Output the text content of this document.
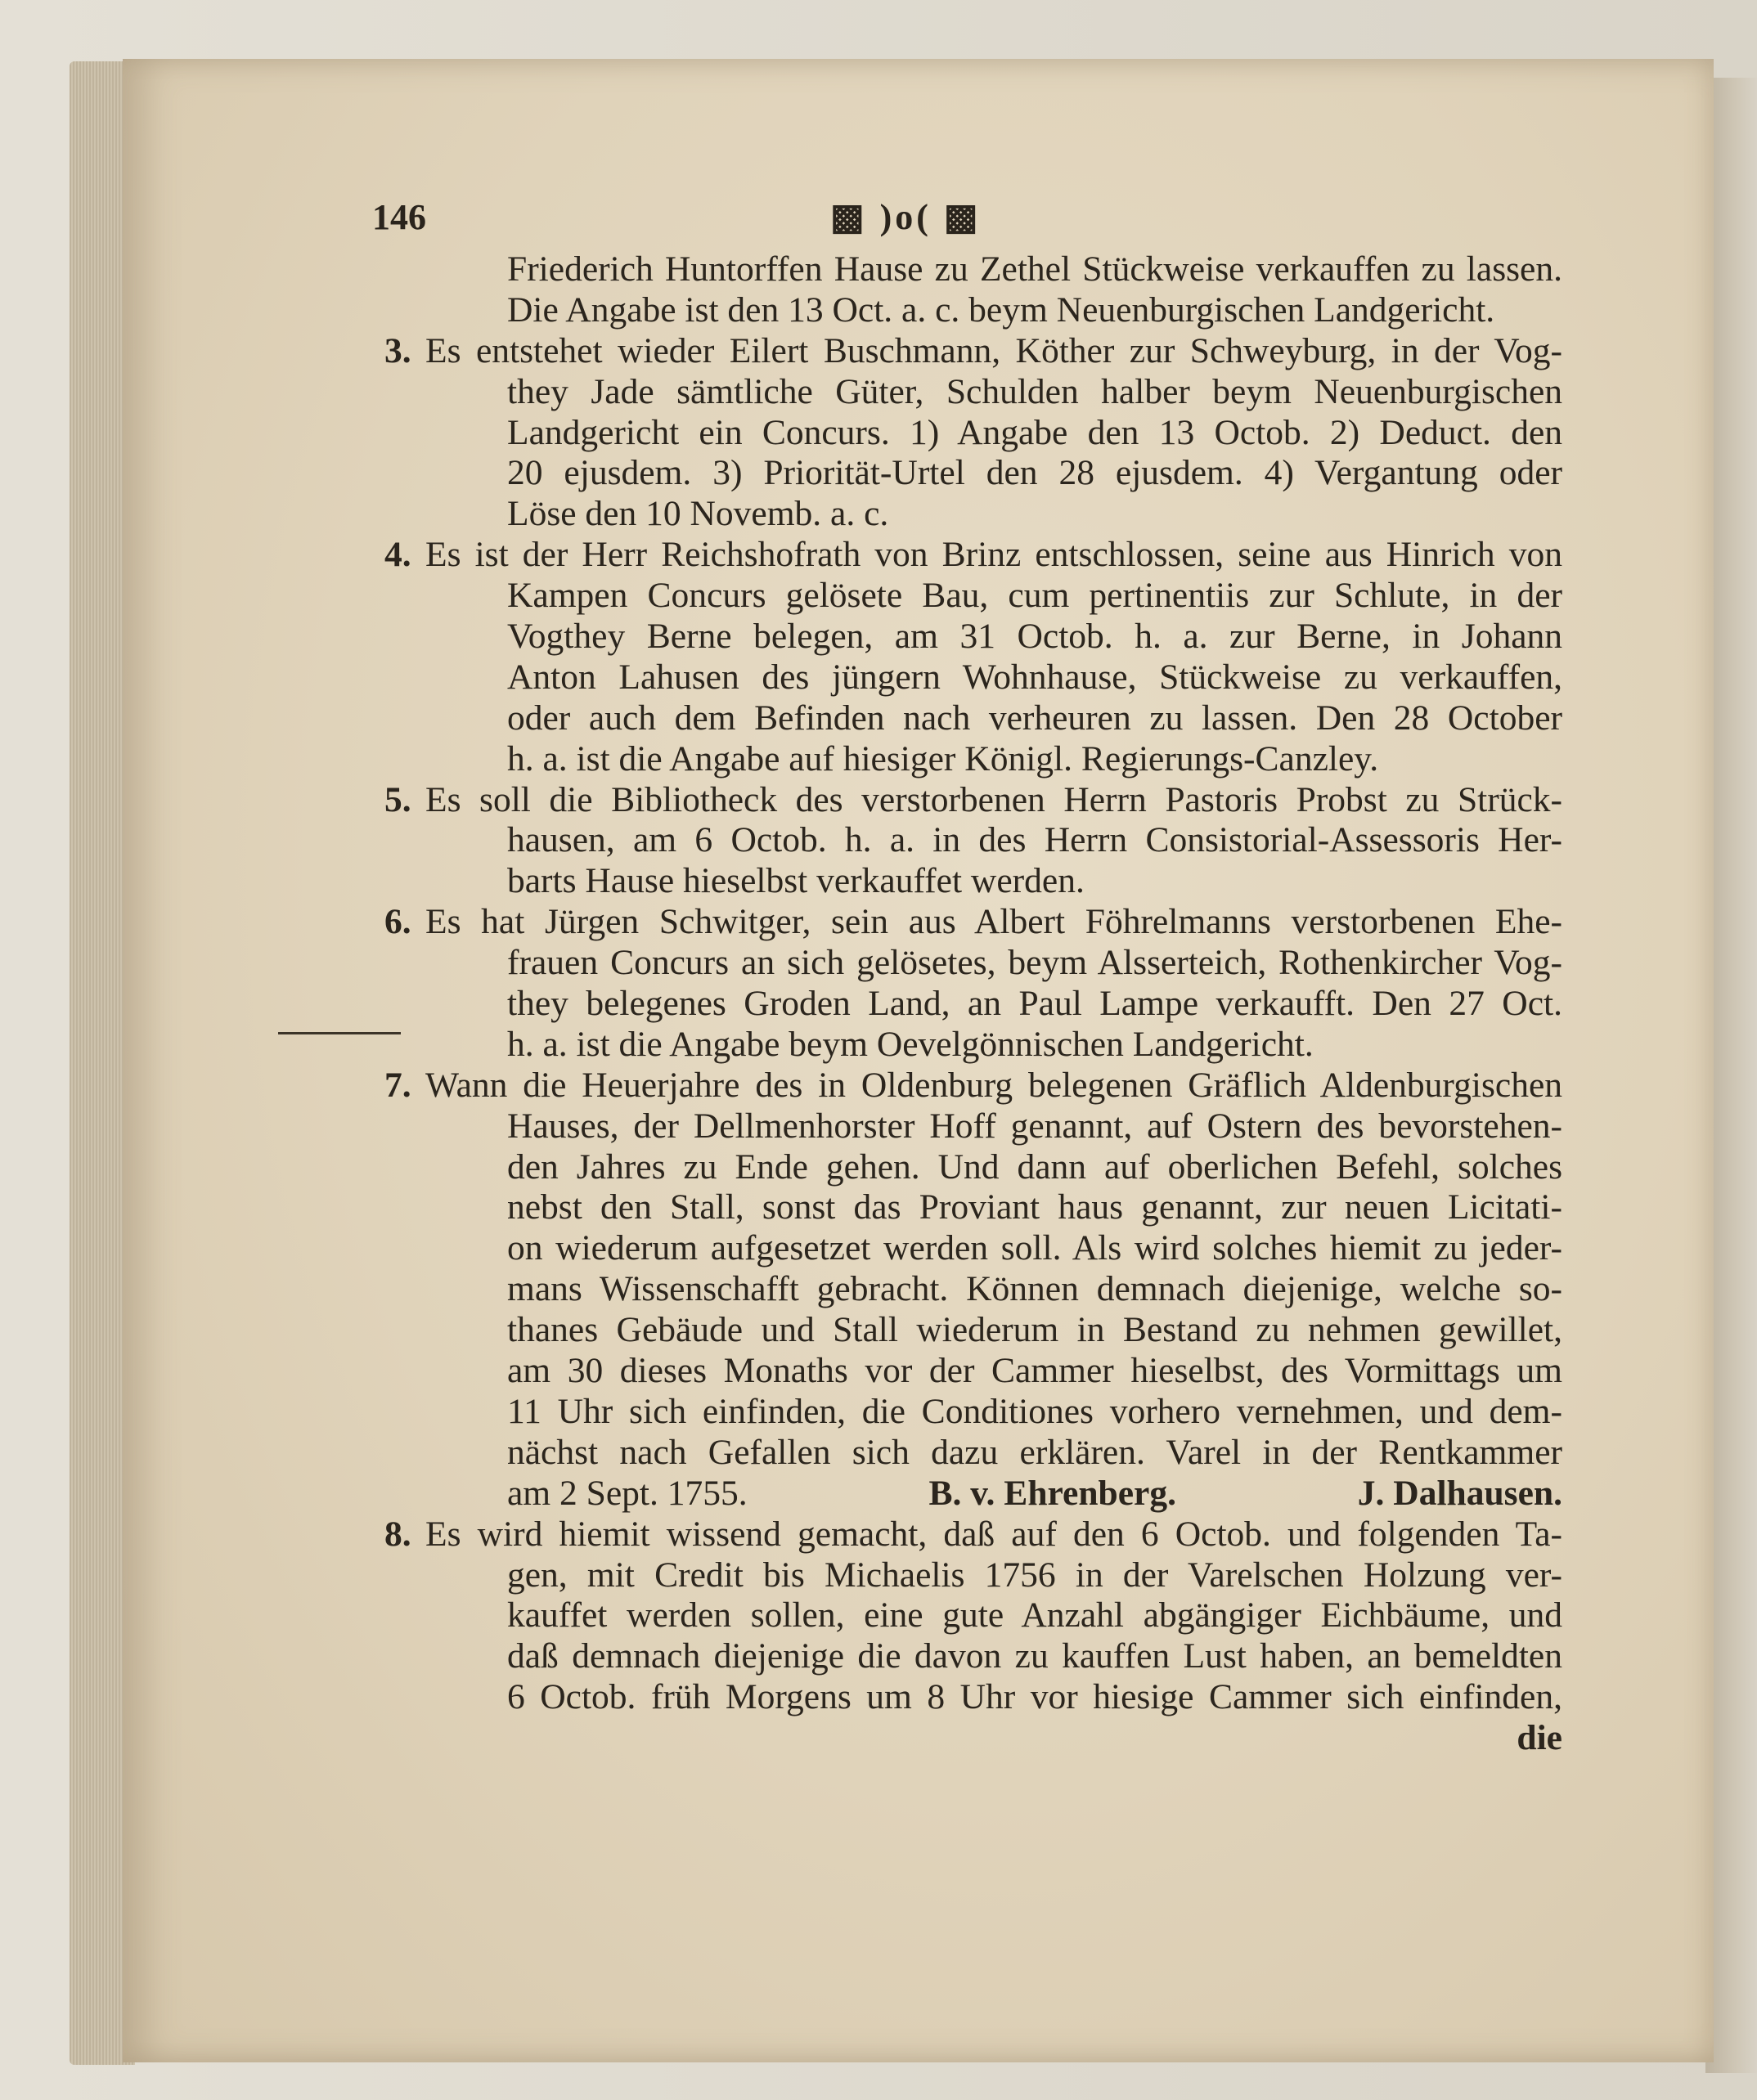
146	▩ )o( ▩
Friederich Huntorffen Hause zu Zethel Stückweise verkauffen zu lassen.
Die Angabe ist den 13 Oct. a. c. beym Neuenburgischen Landgericht.
3. Es entstehet wieder Eilert Buschmann, Köther zur Schweyburg, in der Vog-
they Jade sämtliche Güter, Schulden halber beym Neuenburgischen
Landgericht ein Concurs. 1) Angabe den 13 Octob. 2) Deduct. den
20 ejusdem. 3) Priorität-Urtel den 28 ejusdem. 4) Vergantung oder
Löse den 10 Novemb. a. c.
4. Es ist der Herr Reichshofrath von Brinz entschlossen, seine aus Hinrich von
Kampen Concurs gelösete Bau, cum pertinentiis zur Schlute, in der
Vogthey Berne belegen, am 31 Octob. h. a. zur Berne, in Johann
Anton Lahusen des jüngern Wohnhause, Stückweise zu verkauffen,
oder auch dem Befinden nach verheuren zu lassen. Den 28 October
h. a. ist die Angabe auf hiesiger Königl. Regierungs-Canzley.
5. Es soll die Bibliotheck des verstorbenen Herrn Pastoris Probst zu Strück-
hausen, am 6 Octob. h. a. in des Herrn Consistorial-Assessoris Her-
barts Hause hieselbst verkauffet werden.
6. Es hat Jürgen Schwitger, sein aus Albert Föhrelmanns verstorbenen Ehe-
frauen Concurs an sich gelösetes, beym Alsserteich, Rothenkircher Vog-
they belegenes Groden Land, an Paul Lampe verkaufft. Den 27 Oct.
h. a. ist die Angabe beym Oevelgönnischen Landgericht.
7. Wann die Heuerjahre des in Oldenburg belegenen Gräflich Aldenburgischen
Hauses, der Dellmenhorster Hoff genannt, auf Ostern des bevorstehen-
den Jahres zu Ende gehen. Und dann auf oberlichen Befehl, solches
nebst den Stall, sonst das Proviant haus genannt, zur neuen Licitati-
on wiederum aufgesetzet werden soll. Als wird solches hiemit zu jeder-
mans Wissenschafft gebracht. Können demnach diejenige, welche so-
thanes Gebäude und Stall wiederum in Bestand zu nehmen gewillet,
am 30 dieses Monaths vor der Cammer hieselbst, des Vormittags um
11 Uhr sich einfinden, die Conditiones vorhero vernehmen, und dem-
nächst nach Gefallen sich dazu erklären. Varel in der Rentkammer
am 2 Sept. 1755.	B. v. Ehrenberg.	J. Dalhausen.
8. Es wird hiemit wissend gemacht, daß auf den 6 Octob. und folgenden Ta-
gen, mit Credit bis Michaelis 1756 in der Varelschen Holzung ver-
kauffet werden sollen, eine gute Anzahl abgängiger Eichbäume, und
daß demnach diejenige die davon zu kauffen Lust haben, an bemeldten
6 Octob. früh Morgens um 8 Uhr vor hiesige Cammer sich einfinden,
die
